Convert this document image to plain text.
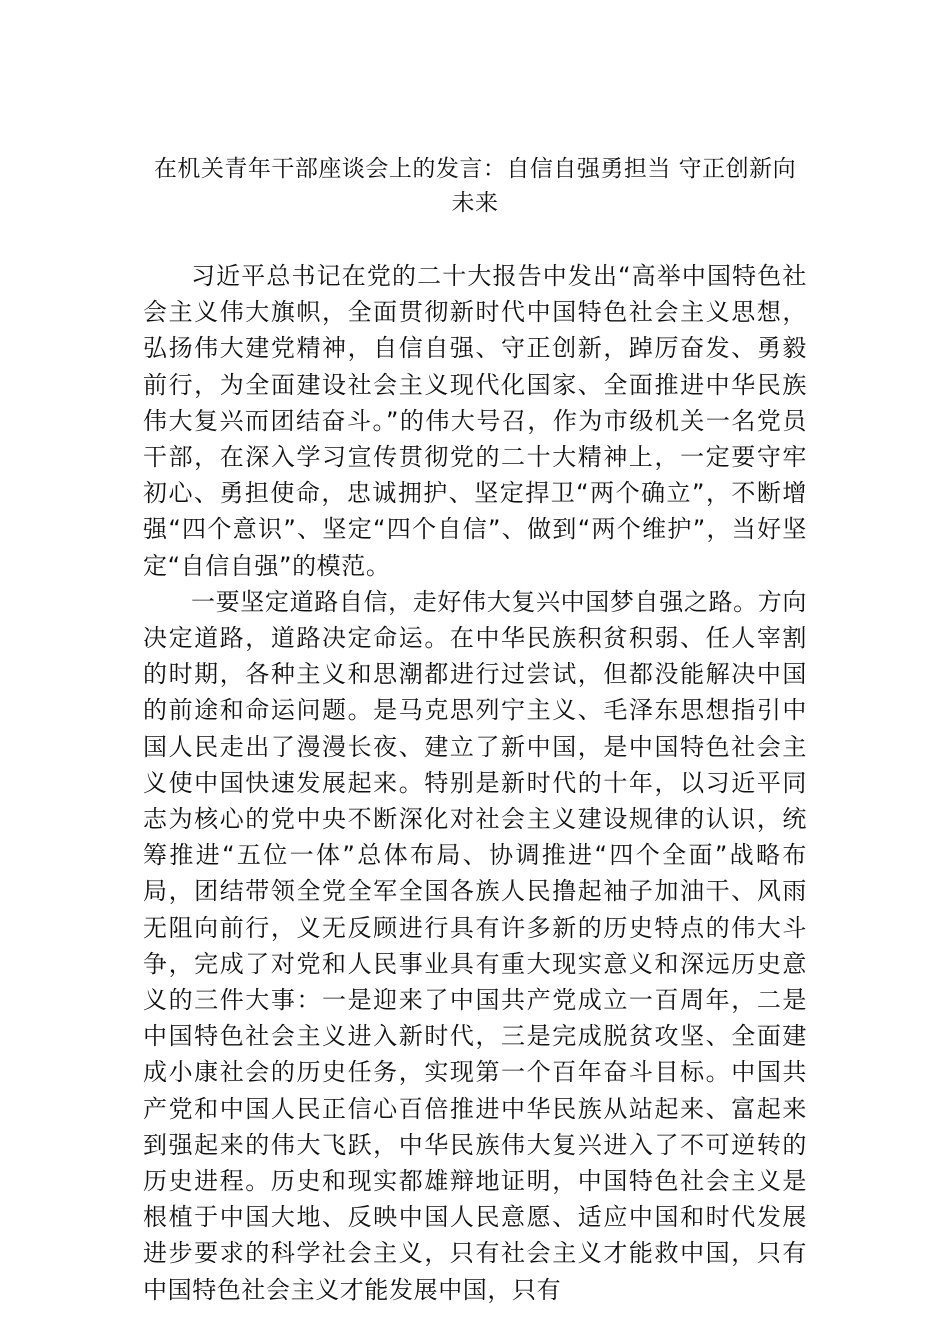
在机关青年干部座谈会上的发言：自信自强勇担当 守正创新向
未来

习近平总书记在党的二十大报告中发出“高举中国特色社会主义伟大旗帜，全面贯彻新时代中国特色社会主义思想，弘扬伟大建党精神，自信自强、守正创新，踔厉奋发、勇毅前行，为全面建设社会主义现代化国家、全面推进中华民族伟大复兴而团结奋斗。”的伟大号召，作为市级机关一名党员干部，在深入学习宣传贯彻党的二十大精神上，一定要守牢初心、勇担使命，忠诚拥护、坚定捍卫“两个确立”，不断增强“四个意识”、坚定“四个自信”、做到“两个维护”，当好坚定“自信自强”的模范。

一要坚定道路自信，走好伟大复兴中国梦自强之路。方向决定道路，道路决定命运。在中华民族积贫积弱、任人宰割的时期，各种主义和思潮都进行过尝试，但都没能解决中国的前途和命运问题。是马克思列宁主义、毛泽东思想指引中国人民走出了漫漫长夜、建立了新中国，是中国特色社会主义使中国快速发展起来。特别是新时代的十年，以习近平同志为核心的党中央不断深化对社会主义建设规律的认识，统筹推进“五位一体”总体布局、协调推进“四个全面”战略布局，团结带领全党全军全国各族人民撸起袖子加油干、风雨无阻向前行，义无反顾进行具有许多新的历史特点的伟大斗争，完成了对党和人民事业具有重大现实意义和深远历史意义的三件大事：一是迎来了中国共产党成立一百周年，二是中国特色社会主义进入新时代，三是完成脱贫攻坚、全面建成小康社会的历史任务，实现第一个百年奋斗目标。中国共产党和中国人民正信心百倍推进中华民族从站起来、富起来到强起来的伟大飞跃，中华民族伟大复兴进入了不可逆转的历史进程。历史和现实都雄辩地证明，中国特色社会主义是根植于中国大地、反映中国人民意愿、适应中国和时代发展进步要求的科学社会主义，只有社会主义才能救中国，只有中国特色社会主义才能发展中国，只有
